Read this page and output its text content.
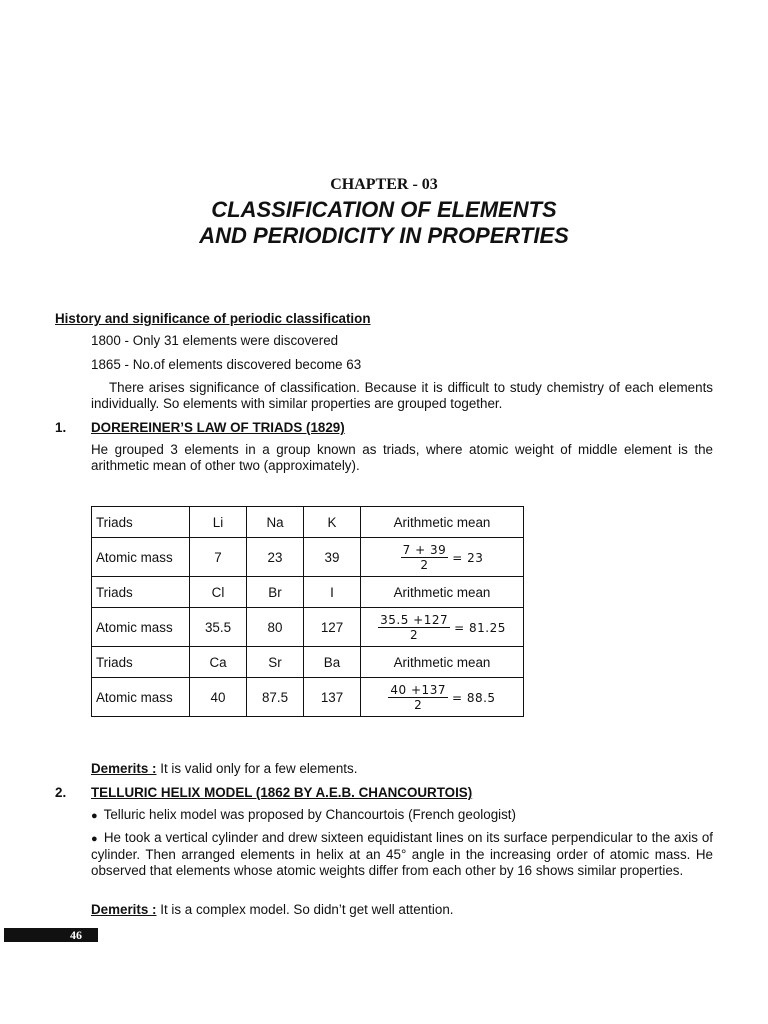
CHAPTER - 03
CLASSIFICATION OF ELEMENTS
AND PERIODICITY IN PROPERTIES
History and significance of periodic classification
1800 - Only 31 elements were discovered
1865 - No.of elements discovered become 63
There arises significance of classification. Because it is difficult to study chemistry of each elements individually. So elements with similar properties are grouped together.
1. DOREREINER’S LAW OF TRIADS (1829)
He grouped 3 elements in a group known as triads, where atomic weight of middle element is the arithmetic mean of other two (approximately).
Triads	Li	Na	K	Arithmetic mean
Atomic mass	7	23	39	$\frac{7 + 39}{2} = 23$

Triads	Cl	Br	I	Arithmetic mean
Atomic mass	35.5	80	127	$\frac{35.5 +127}{2} = 81.25$

Triads	Ca	Sr	Ba	Arithmetic mean
Atomic mass	40	87.5	137	$\frac{40 +137}{2} = 88.5$
Demerits : It is valid only for a few elements.
2. TELLURIC HELIX MODEL (1862 BY A.E.B. CHANCOURTOIS)
● Telluric helix model was proposed by Chancourtois (French geologist)
● He took a vertical cylinder and drew sixteen equidistant lines on its surface perpendicular to the axis of cylinder. Then arranged elements in helix at an 45° angle in the increasing order of atomic mass. He observed that elements whose atomic weights differ from each other by 16 shows similar properties.
Demerits : It is a complex model. So didn’t get well attention.
46
